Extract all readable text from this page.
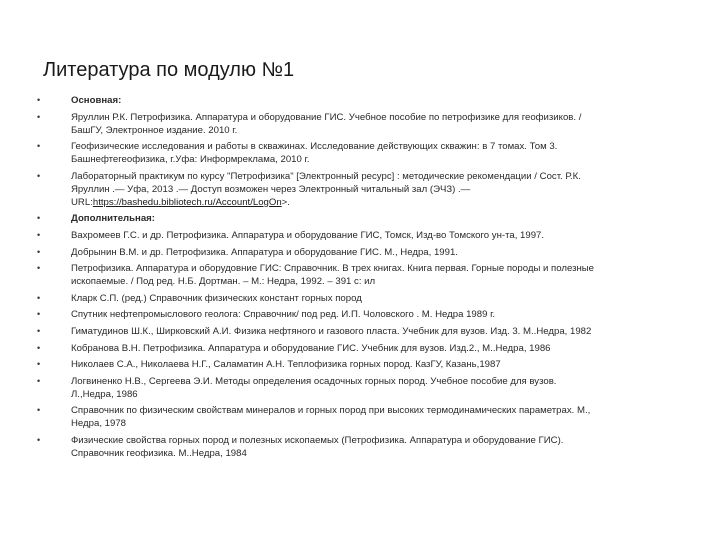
Литература по модулю №1
•	Основная:
•	Яруллин Р.К. Петрофизика. Аппаратура и оборудование ГИС. Учебное пособие по петрофизике для геофизиков. /
БашГУ, Электронное издание. 2010 г.
•	Геофизические исследования и работы в скважинах. Исследование действующих скважин: в 7 томах. Том 3.
Башнефтегеофизика, г.Уфа: Информреклама, 2010 г.
•	Лабораторный практикум по курсу "Петрофизика" [Электронный ресурс] : методические рекомендации / Сост. Р.К.
Яруллин .— Уфа, 2013 .— Доступ возможен через Электронный читальный зал (ЭЧЗ) .—
URL:https://bashedu.bibliotech.ru/Account/LogOn>.
•	Дополнительная:
•	Вахромеев Г.С. и др. Петрофизика. Аппаратура и оборудование ГИС, Томск, Изд-во Томского ун-та, 1997.
•	Добрынин В.М. и др. Петрофизика. Аппаратура и оборудование ГИС. М., Недра, 1991.
•	Петрофизика. Аппаратура и оборудовние ГИС: Справочник. В трех книгах. Книга первая. Горные породы и полезные
ископаемые. / Под ред. Н.Б. Дортман. – М.: Недра, 1992. – 391 с: ил
•	Кларк С.П. (ред.) Справочник физических констант горных пород
•	Спутник нефтепромыслового геолога: Справочник/ под ред. И.П. Чоловского . М. Недра 1989 г.
•	Гиматудинов Ш.К., Ширковский А.И. Физика нефтяного и газового пласта. Учебник для вузов. Изд. 3. М..Недра, 1982
•	Кобранова В.Н. Петрофизика. Аппаратура и оборудование ГИС. Учебник для вузов. Изд.2., М..Недра, 1986
•	Николаев С.А., Николаева Н.Г., Саламатин А.Н. Теплофизика горных пород. КазГУ, Казань,1987
•	Логвиненко Н.В., Сергеева Э.И. Методы определения осадочных горных пород. Учебное пособие для вузов.
Л.,Недра, 1986
•	Справочник по физическим свойствам минералов и горных пород при высоких термодинамических параметрах. М.,
Недра, 1978
•	Физические свойства горных пород и полезных ископаемых (Петрофизика. Аппаратура и оборудование ГИС).
Справочник геофизика. М..Недра, 1984
